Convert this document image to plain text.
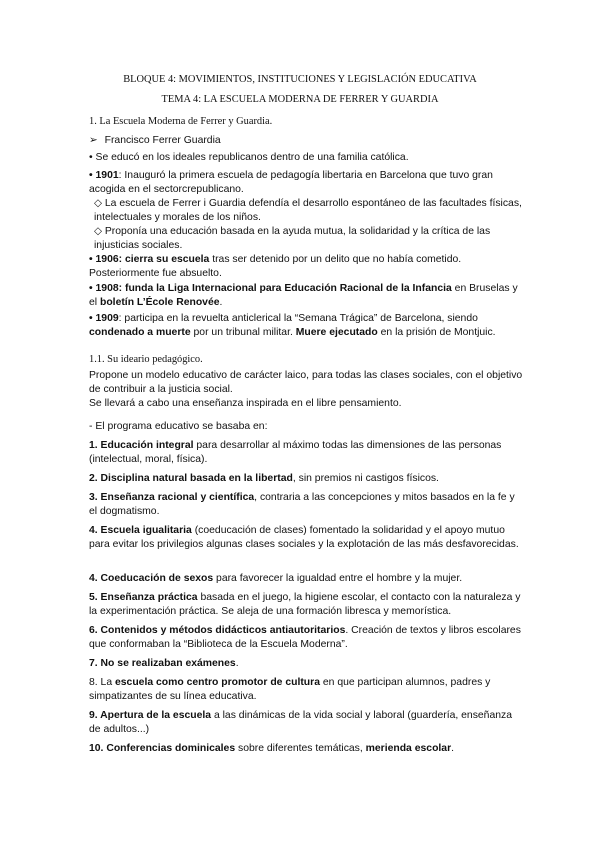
BLOQUE 4: MOVIMIENTOS, INSTITUCIONES Y LEGISLACIÓN EDUCATIVA
TEMA 4: LA ESCUELA MODERNA DE FERRER Y GUARDIA
1. La Escuela Moderna de Ferrer y Guardia.
➢ Francisco Ferrer Guardia
• Se educó en los ideales republicanos dentro de una familia católica.
• 1901: Inauguró la primera escuela de pedagogía libertaria en Barcelona que tuvo gran acogida en el sectorcrepublicano.
◇ La escuela de Ferrer i Guardia defendía el desarrollo espontáneo de las facultades físicas, intelectuales y morales de los niños.
◇ Proponía una educación basada en la ayuda mutua, la solidaridad y la crítica de las injusticias sociales.
• 1906: cierra su escuela tras ser detenido por un delito que no había cometido. Posteriormente fue absuelto.
• 1908: funda la Liga Internacional para Educación Racional de la Infancia en Bruselas y el boletín L’École Renovée.
• 1909: participa en la revuelta anticlerical la “Semana Trágica” de Barcelona, siendo condenado a muerte por un tribunal militar. Muere ejecutado en la prisión de Montjuic.
1.1. Su ideario pedagógico.
Propone un modelo educativo de carácter laico, para todas las clases sociales, con el objetivo de contribuir a la justicia social.
Se llevará a cabo una enseñanza inspirada en el libre pensamiento.
- El programa educativo se basaba en:
1. Educación integral para desarrollar al máximo todas las dimensiones de las personas (intelectual, moral, física).
2. Disciplina natural basada en la libertad, sin premios ni castigos físicos.
3. Enseñanza racional y científica, contraria a las concepciones y mitos basados en la fe y el dogmatismo.
4. Escuela igualitaria (coeducación de clases) fomentado la solidaridad y el apoyo mutuo para evitar los privilegios algunas clases sociales y la explotación de las más desfavorecidas.
4. Coeducación de sexos para favorecer la igualdad entre el hombre y la mujer.
5. Enseñanza práctica basada en el juego, la higiene escolar, el contacto con la naturaleza y la experimentación práctica. Se aleja de una formación libresca y memorística.
6. Contenidos y métodos didácticos antiautoritarios. Creación de textos y libros escolares que conformaban la “Biblioteca de la Escuela Moderna”.
7. No se realizaban exámenes.
8. La escuela como centro promotor de cultura en que participan alumnos, padres y simpatizantes de su línea educativa.
9. Apertura de la escuela a las dinámicas de la vida social y laboral (guardería, enseñanza de adultos...)
10. Conferencias dominicales sobre diferentes temáticas, merienda escolar.
